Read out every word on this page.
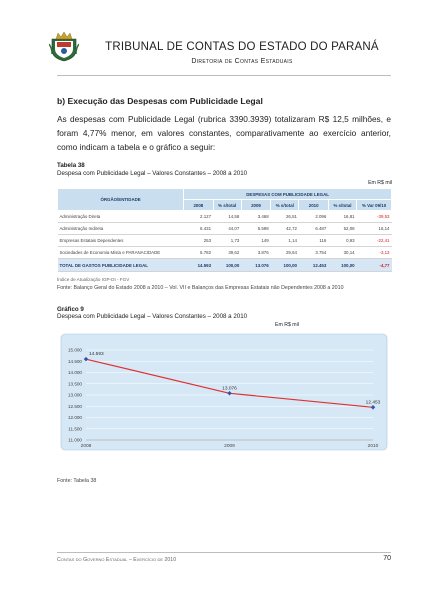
TRIBUNAL DE CONTAS DO ESTADO DO PARANÁ
Diretoria de Contas Estaduais
b) Execução das Despesas com Publicidade Legal
As despesas com Publicidade Legal (rubrica 3390.3939) totalizaram R$ 12,5 milhões, e foram 4,77% menor, em valores constantes, comparativamente ao exercício anterior, como indicam a tabela e o gráfico a seguir:
Tabela 38
Despesa com Publicidade Legal – Valores Constantes – 2008 a 2010
Em R$ mil
ÓRGÃO/ENTIDADE	DESPESAS COM PUBLICIDADE LEGAL						
	2008	% s/total	2009	% s/total	2010	% s/total	% Var 09/10
Administração Direta	2.127	14,58	3.468	26,51	2.096	16,81	-39,53
Administração Indireta	6.431	44,07	5.598	42,72	6.487	52,08	16,14
Empresas Estatais Dependentes	253	1,73	149	1,14	116	0,93	-22,41
Sociedades de Economia Mista e PARANACIDADE	5.782	39,62	3.876	29,64	3.754	30,14	-3,13
TOTAL DE GASTOS PUBLICIDADE LEGAL	14.593	100,00	13.076	100,00	12.453	100,00	-4,77
Índice de Atualização IGP-DI - FGV
Fonte: Balanço Geral do Estado 2008 a 2010 – Vol. VII e Balanços das Empresas Estatais não Dependentes 2008 a 2010
Gráfico 9
Despesa com Publicidade Legal – Valores Constantes – 2008 a 2010
Em R$ mil
11.000
11.500
12.000
12.500
13.000
13.500
14.000
14.500
15.000
2008	2009	2010
14.593
13.076
12.453
Fonte: Tabela 38
Contas do Governo Estadual – Exercício de 2010	70
